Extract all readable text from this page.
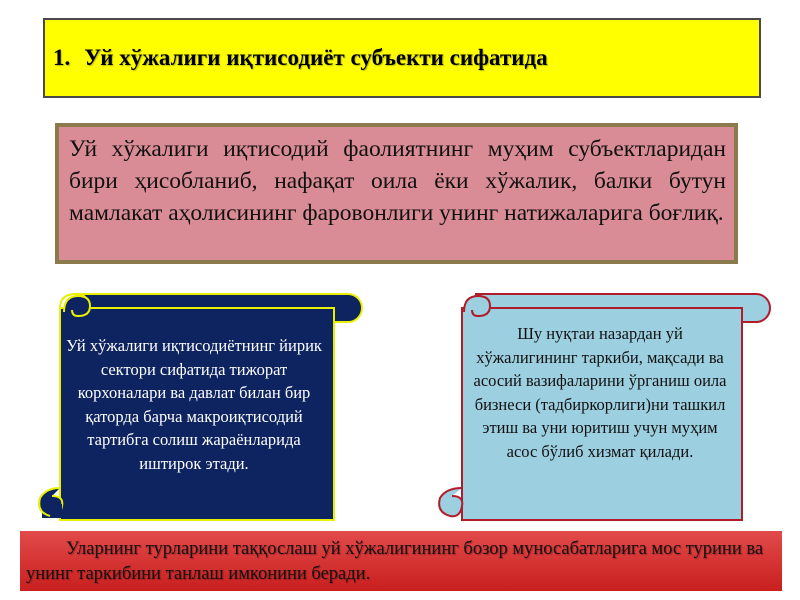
1. Уй хўжалиги иқтисодиёт субъекти сифатида
Уй хўжалиги иқтисодий фаолиятнинг муҳим субъектларидан бири ҳисобланиб, нафақат оила ёки хўжалик, балки бутун мамлакат аҳолисининг фаровонлиги унинг натижаларига боғлиқ.
Уй хўжалиги иқтисодиётнинг йирик сектори сифатида тижорат корхоналари ва давлат билан бир қаторда барча макроиқтисодий тартибга солиш жараёнларида иштирок этади.
Шу нуқтаи назардан уй хўжалигининг таркиби, мақсади ва асосий вазифаларини ўрганиш оила бизнеси (тадбиркорлиги)ни ташкил этиш ва уни юритиш учун муҳим асос бўлиб хизмат қилади.
Уларнинг турларини таққослаш уй хўжалигининг бозор муносабатларига мос турини ва унинг таркибини танлаш имконини беради.
